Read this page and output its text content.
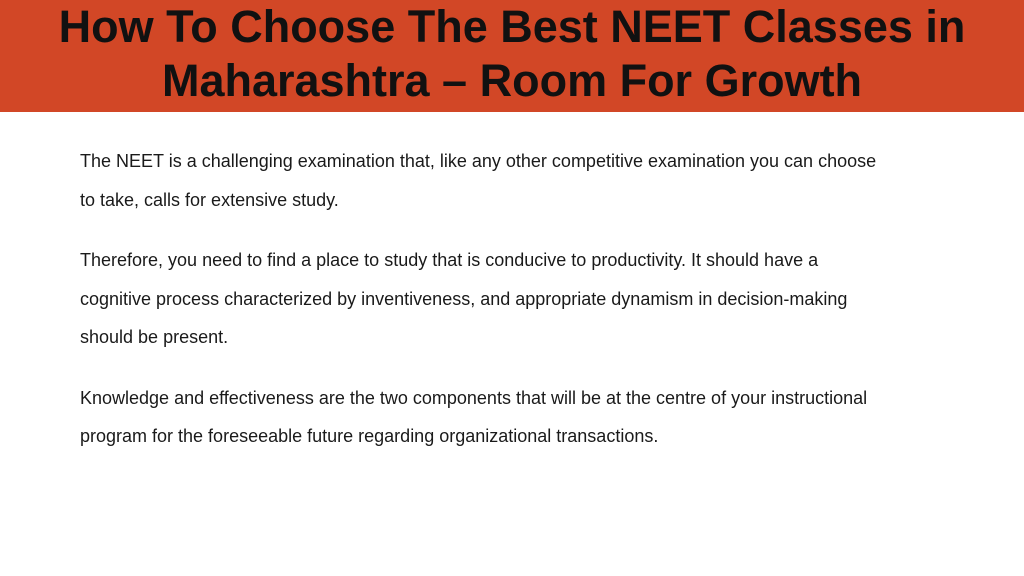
How To Choose The Best NEET Classes in Maharashtra – Room For Growth

The NEET is a challenging examination that, like any other competitive examination you can choose to take, calls for extensive study.

Therefore, you need to find a place to study that is conducive to productivity. It should have a cognitive process characterized by inventiveness, and appropriate dynamism in decision-making should be present.

Knowledge and effectiveness are the two components that will be at the centre of your instructional program for the foreseeable future regarding organizational transactions.
